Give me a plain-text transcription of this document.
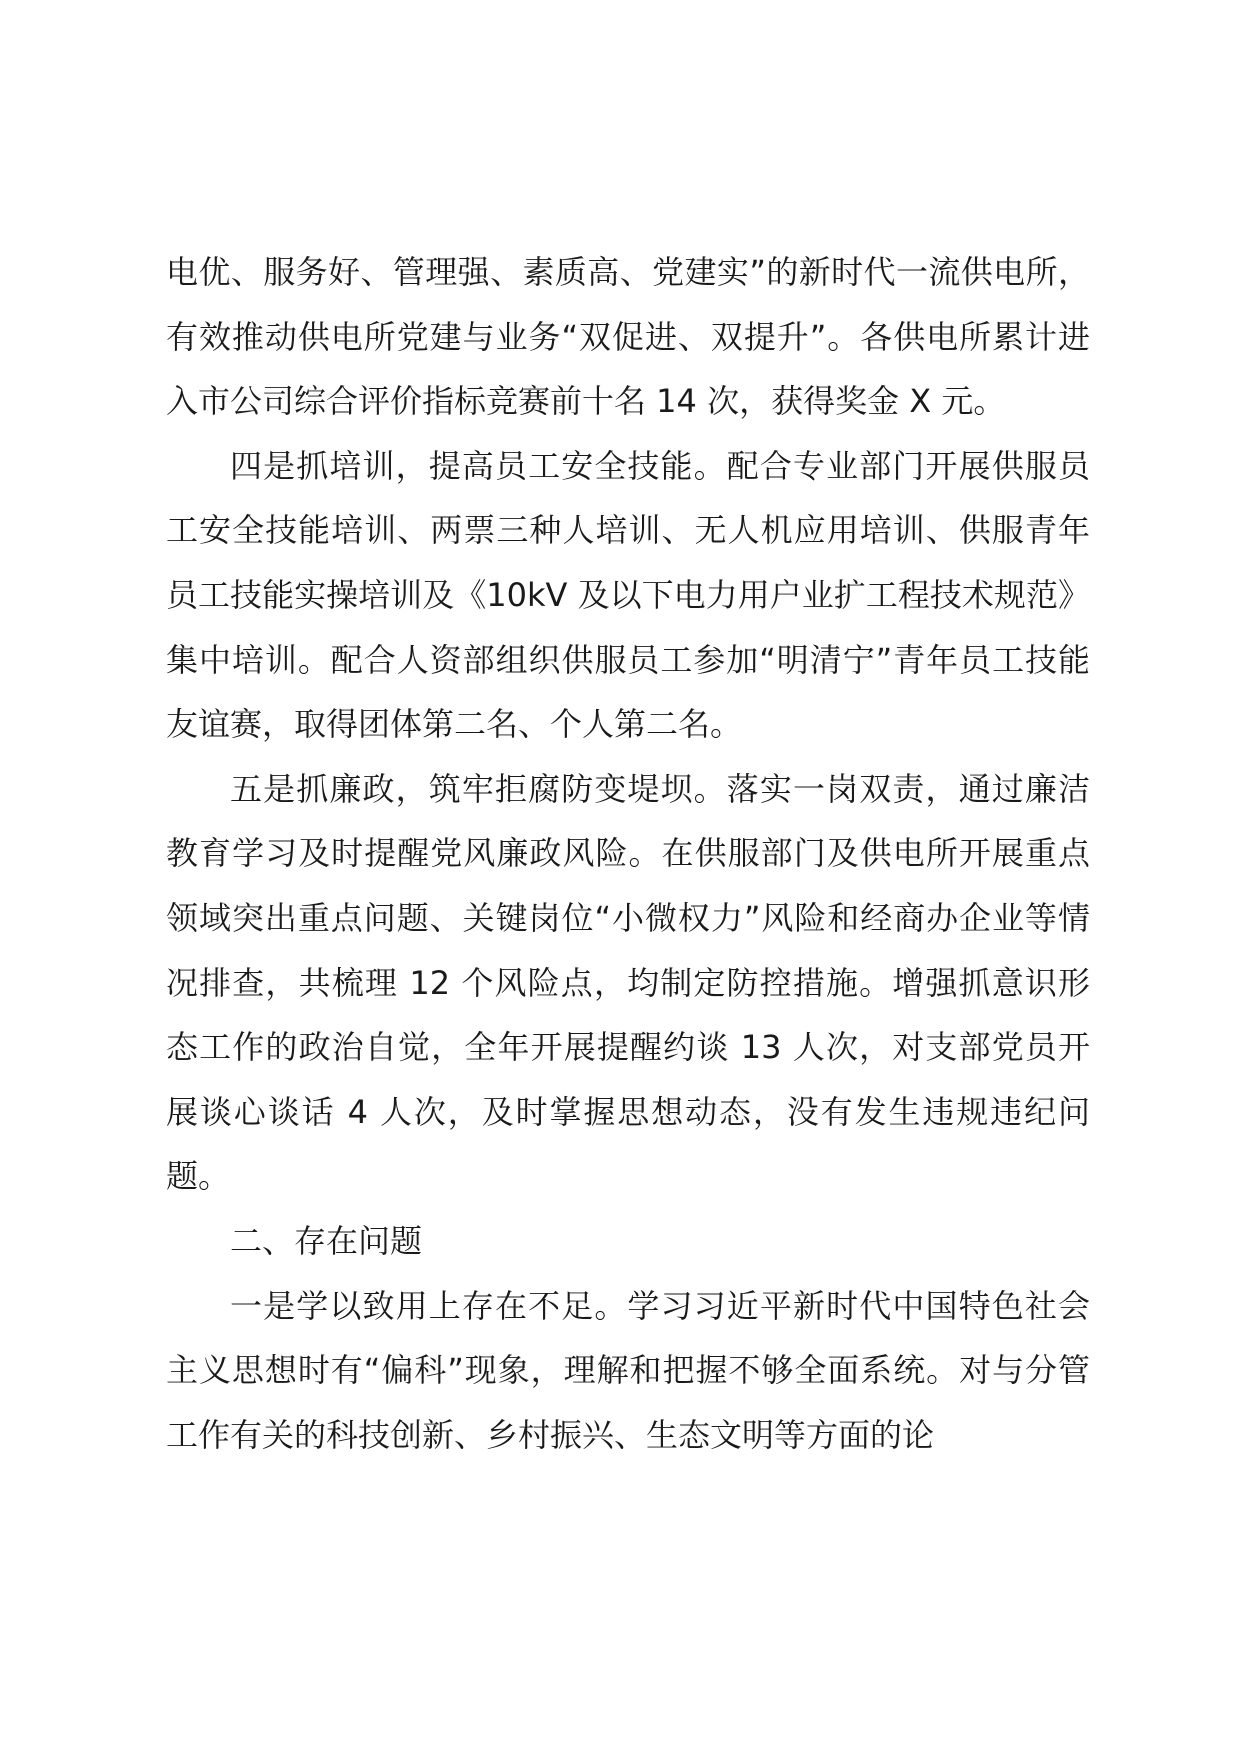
电优、服务好、管理强、素质高、党建实”的新时代一流供电所，有效推动供电所党建与业务“双促进、双提升”。各供电所累计进入市公司综合评价指标竞赛前十名 14 次，获得奖金 X 元。

四是抓培训，提高员工安全技能。配合专业部门开展供服员工安全技能培训、两票三种人培训、无人机应用培训、供服青年员工技能实操培训及《10kV 及以下电力用户业扩工程技术规范》集中培训。配合人资部组织供服员工参加“明清宁”青年员工技能友谊赛，取得团体第二名、个人第二名。

五是抓廉政，筑牢拒腐防变堤坝。落实一岗双责，通过廉洁教育学习及时提醒党风廉政风险。在供服部门及供电所开展重点领域突出重点问题、关键岗位“小微权力”风险和经商办企业等情况排查，共梳理 12 个风险点，均制定防控措施。增强抓意识形态工作的政治自觉，全年开展提醒约谈 13 人次，对支部党员开展谈心谈话 4 人次，及时掌握思想动态，没有发生违规违纪问题。

二、存在问题

一是学以致用上存在不足。学习习近平新时代中国特色社会主义思想时有“偏科”现象，理解和把握不够全面系统。对与分管工作有关的科技创新、乡村振兴、生态文明等方面的论
